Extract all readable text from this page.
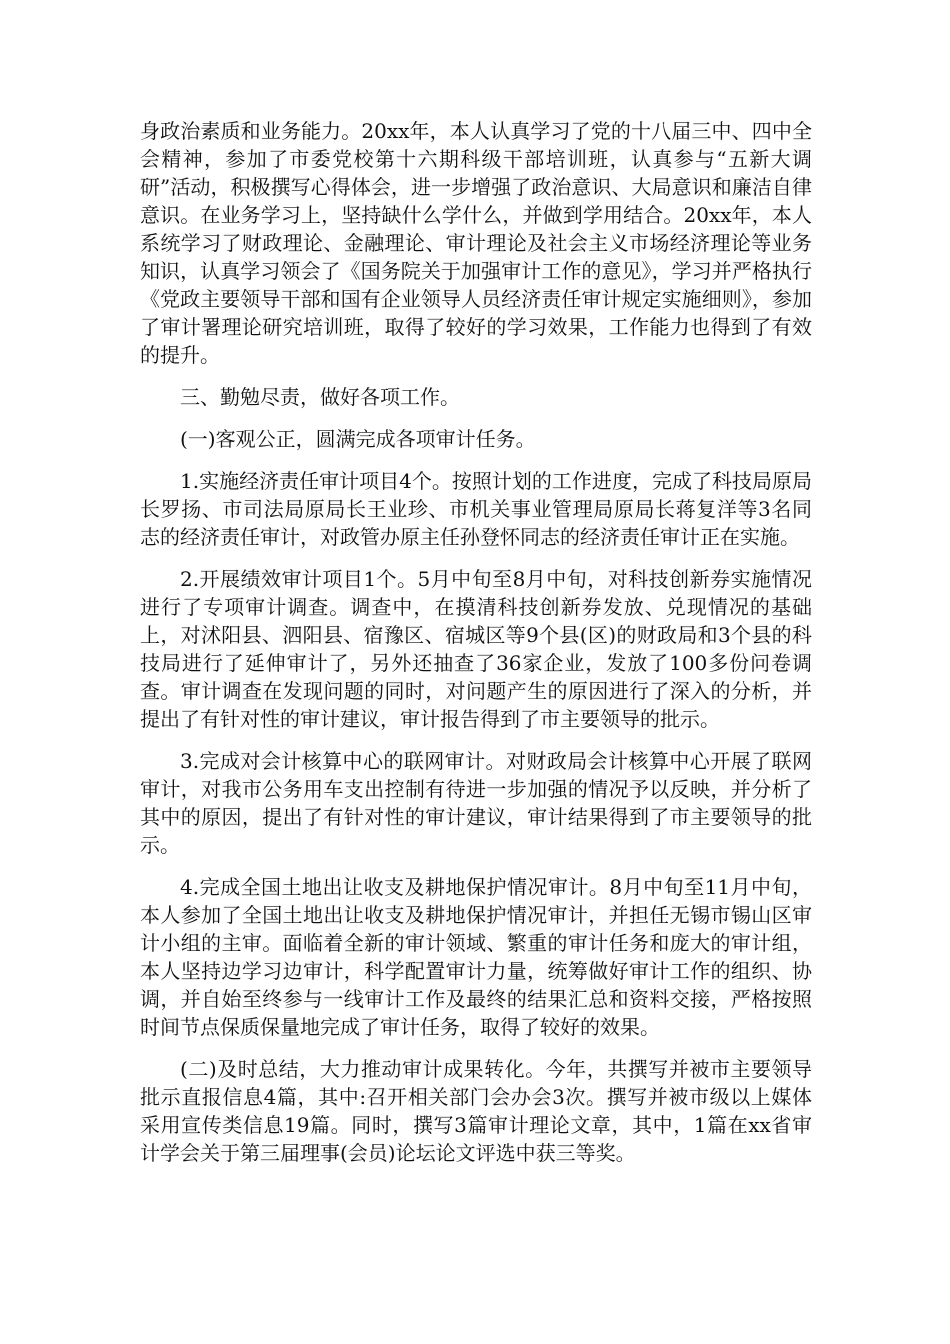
身政治素质和业务能力。20xx年，本人认真学习了党的十八届三中、四中全会精神，参加了市委党校第十六期科级干部培训班，认真参与“五新大调研”活动，积极撰写心得体会，进一步增强了政治意识、大局意识和廉洁自律意识。在业务学习上，坚持缺什么学什么，并做到学用结合。20xx年，本人系统学习了财政理论、金融理论、审计理论及社会主义市场经济理论等业务知识，认真学习领会了《国务院关于加强审计工作的意见》，学习并严格执行《党政主要领导干部和国有企业领导人员经济责任审计规定实施细则》，参加了审计署理论研究培训班，取得了较好的学习效果，工作能力也得到了有效的提升。

三、勤勉尽责，做好各项工作。

(一)客观公正，圆满完成各项审计任务。

1.实施经济责任审计项目4个。按照计划的工作进度，完成了科技局原局长罗扬、市司法局原局长王业珍、市机关事业管理局原局长蒋复洋等3名同志的经济责任审计，对政管办原主任孙登怀同志的经济责任审计正在实施。

2.开展绩效审计项目1个。5月中旬至8月中旬，对科技创新券实施情况进行了专项审计调查。调查中，在摸清科技创新券发放、兑现情况的基础上，对沭阳县、泗阳县、宿豫区、宿城区等9个县(区)的财政局和3个县的科技局进行了延伸审计了，另外还抽查了36家企业，发放了100多份问卷调查。审计调查在发现问题的同时，对问题产生的原因进行了深入的分析，并提出了有针对性的审计建议，审计报告得到了市主要领导的批示。

3.完成对会计核算中心的联网审计。对财政局会计核算中心开展了联网审计，对我市公务用车支出控制有待进一步加强的情况予以反映，并分析了其中的原因，提出了有针对性的审计建议，审计结果得到了市主要领导的批示。

4.完成全国土地出让收支及耕地保护情况审计。8月中旬至11月中旬，本人参加了全国土地出让收支及耕地保护情况审计，并担任无锡市锡山区审计小组的主审。面临着全新的审计领域、繁重的审计任务和庞大的审计组，本人坚持边学习边审计，科学配置审计力量，统筹做好审计工作的组织、协调，并自始至终参与一线审计工作及最终的结果汇总和资料交接，严格按照时间节点保质保量地完成了审计任务，取得了较好的效果。

(二)及时总结，大力推动审计成果转化。今年，共撰写并被市主要领导批示直报信息4篇，其中:召开相关部门会办会3次。撰写并被市级以上媒体采用宣传类信息19篇。同时，撰写3篇审计理论文章，其中，1篇在xx省审计学会关于第三届理事(会员)论坛论文评选中获三等奖。
